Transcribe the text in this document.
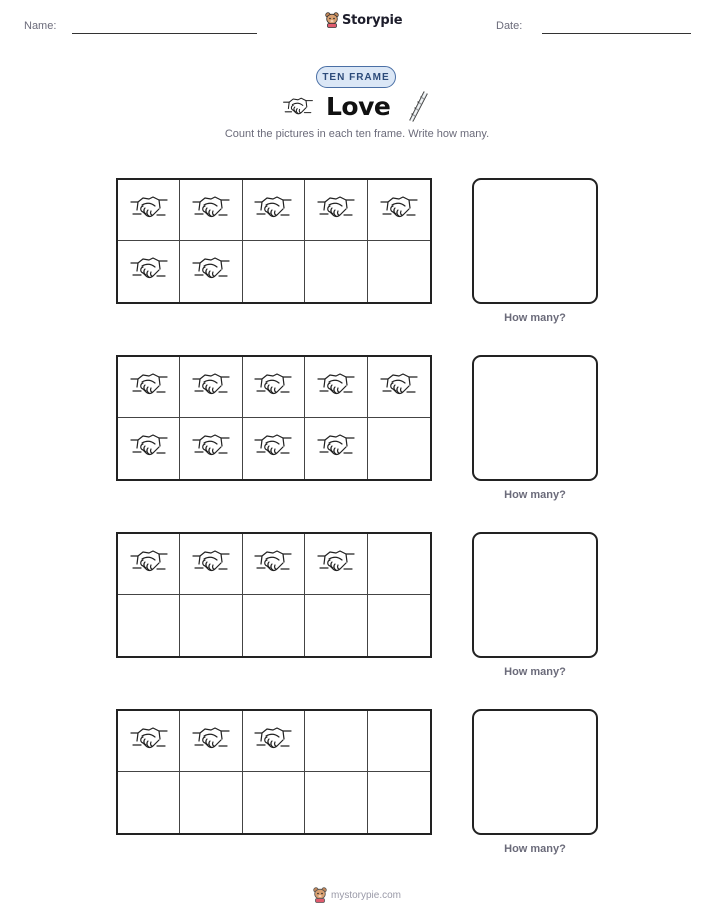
Name:	Storypie	Date:
TEN FRAME
Love
Count the pictures in each ten frame. Write how many.
How many?
How many?
How many?
How many?
mystorypie.com
